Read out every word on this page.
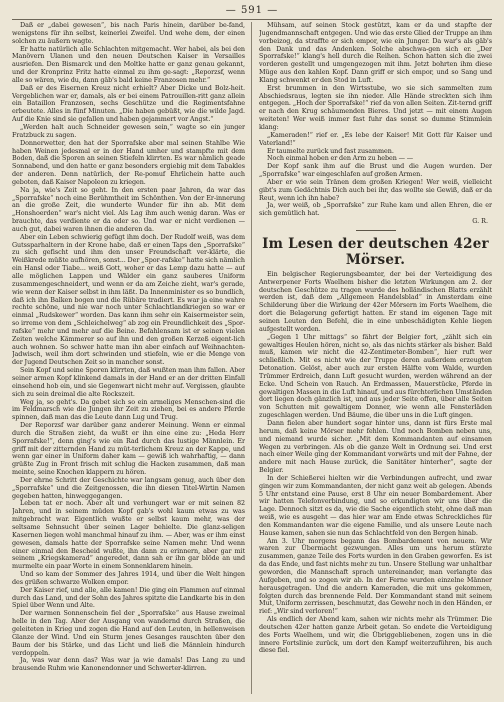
— 591 —

Daß er „dabei gewesen“, bis nach Paris hinein, darüber be-fand, wenigstens für ihn selbst, keinerlei Zweifel. Und wehe dem, der einen solchen zu äußern wagte.

Er hatte natürlich alle Schlachten mitgemacht. Wer habei, als bei den Manövern Ulanen und den neuen Deutschen Kaiser in Versailles ausriefen. Den Bismarck und den Moltke hatte er ganz genau gekannt, und der Kronprinz Fritz hatte einmal zu ihm ge-sagt: „Reporzsf, wenn alle so wären, wie du, dann gäb's bald keine Franzosen mehr.“

Daß er des Eisernen Kreuz nicht erhielt? Aber Dicke und Bolz-heit. Vergeblichen war er, damals, als er bei einem Patrouillen-ritt ganz allein ein Bataillon Franzosen, sechs Geschütze und die Regimentsfahne erbeutete. Alles in fünf Minuten. „Die haben gebüßt, wie die wilde Jagd. Auf die Knie sind sie gefallen und haben gejammert vor Angst.“

„Werden halt auch Schneider gewesen sein,“ wagte so ein junger Fratzbuck zu sagen.

Donnerwetter, den hat der Sporrafske aber mal seinen Stahlbe Wie haben Weinen jedesmal er in der Hand umher und stampfte mit dem Boden, daß die Sporen an seinen Stiefeln klirrten. Es war nämlich geade Sonnabend, und den hatte er ganz besonders ergiebig mit dem Tabakles der anderen. Denn natürlich, der Re-pomuf Ehrlichein hatte auch geboten, daß Kaiser Napoleon zu kriegen.

Na ja, wie's Zeit so geht. In den ersten paar Jahren, da war das „Sporrafske“ noch eine Berühmtheit im Schönthen. Von der Er-innerung an die große Zeit, die wunderte Wunder für ihn ab. Mit dem „Honshoerden“ war's nicht viel. Als Lag ihm auch wenig daran. Was er brauchte, das verdiente er da oder so. Und war er nicht verdienen — auch gut, dabei waren ihnen die anderen da.

Aber ein Leben schwierig gefügt ihm doch. Der Rudolf weiß, was dem Gutssparhaltern in der Krone habe, daß er einen Taps den „Sporrafske“ zu sich gefischt und ihm den unser Freundschaft ver-klärte, die Weißkrede müßte aufhören, sonst... Der „Spor-rafske“ hatte sich nämlich ein Hansl oder Tiabe... weiß Gott, woher er das Lemp dazu hatte — auf alle möglichen Lappen und Wälder ein ganz sauberes Uniform zusammengeschneidert, und wenn er da am Zeiche zieht, war's gerade, wie wenn der Kaiser selbst in ihm läßt. Da Innenminister es so bundlich, daß ich ihn Balken bogen und die Rübäre tradiert. Es war ja eine wahre rechte schöne, und nie war noch unter Schlachtlandkriegen so war er einmal „Rudskewer“ worden. Das kann ihm sehr ein Kaisermeister sein, so irreme von dem „Schleichelweg“ ab zog ein Freundlichkeit des „Spor-rafske“ mehr und mehr auf die Beine. Befahlensam ist er seinen vielen Zeiten welche Kämmerer so auf ihn und den großen Kerzeß eigent-lich auch wohnen. So schwer hatte man ihn aber einfach auf Weihnachten-Jadwisch, weil ihm dort schwinden und stiefeln, wie er die Menge von der Jugend Deutschen Zeit so in mancher sonst.

Sein Kopf und seine Sporen klirrten, daß wußten man ihm fallen. Aber seiner armen Kopf klinkend damals in der Hand er an der dritten Einfall einsehend hob ein, und sie Gegenwart nicht mehr auf. Vergissen, glaubte sich zu sein dreimal die alte Rockszeit.

Weg ja, so geht's. Da gebet sich so ein armeliges Menschen-sind die im Feldmarsch wie die Jungen ihr Zeit zu ziehen, bei es andere Pferde spinnen, daß man das die Leute dann Lug und Trug.

Der Reporzsf war darüber ganz anderer Meinung. Wenn er einmal durch die Straßen zieht, da wußt er ihn eine eine zu: „Heda Herr Sporrafske!“, denn ging's wie ein Rad durch das lustige Männlein. Er griff mit der zitternden Hand zu müt-terlichem Kreuz an der Kappe, und wenn gar einer in Uniform daher kam — gewiß ich wahrhaftig, — dann grüßte Zug in Front frisch mit schlug die Hacken zusammen, daß man meinte, seine Knochen klappern zu hören.

Der ehrne Schritt der Geschichte war langsam genug, auch über den „Sporrafske“ und die Zeitgenossen, die ihn diesen Titel-Wirtin Namen gegeben hatten, hinweggegangen.

Leben tat er noch. Aber alt und verhungert war er mit seinen 82 Jahren, und in seinem müden Kopf gab's wohl kaum etwas zu was mitgebracht war. Eigentlich wußte er selbst kaum mehr, was der seltsame Sehnsucht über seinen Lager behielte. Die glanz-seligen Kasernen liegen wohl manchmal hinauf zu ihm. — Aber, was er ihm einst gewesen, damals hatte der Sporrafske seine Namen mehr. Und wenn einer einmal den Bescheid wußte, ihn dann zu erinnern, aber gar mit seinem „Kriegskamerad“ angeredet, dann sah er ihn gar blöde an und murmelte ein paar Worte in einem Sonnenklarem hinein.

Und so kam der Sommer des Jahres 1914, und über die Welt hingen des grüßen schwarze Wolken empor.

Der Kaiser rief, und alle, alle kamen! Die ging ein Flammen auf einmal durch das Land, und der Sohn des Jahres spitzte die Landkarte bis in den Spiel über Wenn und Alte.

Der warmen Sonnenschein fiel der „Sporrafske“ aus Hause zweimal helle in den Tag. Aber der Ausgang von wandernd durch Straßen, die geleiteten in Krieg und zogen die Hand auf den Leuten, in hellenweisen Glanze der Wind. Und ein Sturm jenes Gesanges rauschten über den Baum der bis Stärke, und das Licht und ließ die Männlein hindurch verdoppeln.

Ja, was war denn das? Was war ja wie damals! Das Lang zu und brausende Ruhm wie Kanonendonner und Schwerter-klirren.

Mühsam, auf seinen Stock gestützt, kam er da und stapfte der Jugendmannschaft entgegen. Und wie das erste Glied der Truppe an ihm vorbeizog, da straffte er sich empor, wie ein Junger. Da war's als gäb's den Dank und das Andenken. Solche abschwa-gen sich er. „Der Sporrafske!“ klang's hell durch die Reihen. Schon hatten sich die zwei vorderen gestellt und umgengezogen mit ihm. Jetzt bohrten ihm diese Müge aus den kahlen Kopf. Dann griff er sich empor, und so Sang und Klang schwenkt er den Stod in Luft.

Erst brummen in den Wirtsstube, wo sie sich sammelten zum Abschiedsraus, legten sie ihn nieder. Alle Hände streckten sich ihm entgegen. „Hoch der Sporrafske!“ rief da von allen Seiten. Zit-ternd griff er nach den Krug schäumenden Bieres. Und jetzt — mit einem Augen weiteten! Wer weiß immer fast fuhr das sonst so dumme Stimmlein klang:

„Kameraden!“ rief er. „Es lebe der Kaiser! Mit Gott für Kaiser und Vaterland!“

Er taumelte zurück und fast zusammen.

Noch einmal hoben er den Arm zu heben — —

Der Kopf sank ihm auf die Brust und die Augen wurden. Der „Sporrafske“ war eingeschlafen auf großen Armen.

Aber er wie sein Tränen dem großen Kriegen! Wer weiß, vielleicht gibt's zum Gedächtnis Dich auch bei ihr, das wollte sie Gewiß, daß er da Reut, wenn ich ihn habe?

Ja, wer weiß, ob „Sporrafske“ zur Ruhe kam und allen Ehren, die er sich gemütlich hat.

G. R.

Im Lesen der deutschen 42er Mörser.

Ein belgischer Regierungsbeamter, der bei der Verteidigung des Antwerpener Forts Waelhem bisher die letzten Wirkungen am 2. der deutschen Geschütze zu tragen wurde des holländischen Blatts erzählt werden ist, daß dem „Allgemeen Handelsblad“ in Amsterdam eine Schilderung über die Wirkung der 42er Mörsern im Forts Waelhem, die dort die Belagerung gefertigt hatten. Er stand im eigenen Tage mit seinen Leuten den Befehl, die in eine unbeschädigten Kehle liegen aufgestellt worden.

„Gegen 1 Uhr mittags“ so fährt der Belgier fort, „zählt sich ein gewaltiges Heulen hören, nicht so, als das nichts stärker als bisher. Bald muß, kamen wir nicht die 42-Zentimeter-Bomben“, hier ruft wer schließlich. Mit es nicht wie der Truppe deren außerdem erzeugten Detonation. Gelöst, aber auch zur ersten Hälfte vom Walde, wurden Trümmer Erdreich, dann Luft gesucht wurden, werden während an der Ecke. Und Schein von Rauch. An Erdmassen, Mauerstücke, Pferde in gewaltigen Massen in die Luft hinauf, und aus fürchterlichen Umständen dort liegen doch gänzlich ist, und aus jeder Seite offen, über alle Seiten von Schutten mit gewaltigem Donner, wie wenn alle Fensterläden zugeschlagen werden. Und Bäume, die über uns in die Luft gingen.

Dann fielen aber hundert sogar hinter uns, dann ist fürs Erste mal herum, daß keine Mörser mehr fehlen. Und noch Bomben neben uns, und niemand wurde sicher. „Mit dem Kommandanten auf einsamen Wegen zu verbringen. Als ob die ganze Welt in Ordnung sei. Und erst nach einer Weile ging der Kommandant vorwärts und mit der Fahne, der andere mit nach Hause zurück, die Sanitäter hinterher“, sagte der Belgier.

In der Schießerei hielten wir die Verbindungen aufrecht, und zwar gingen wir zum Kommandanten, der nicht ganz weit ab gelegen. Abends 5 Uhr entstand eine Pause, erst 8 Uhr ein neuer Bombardement. Aber wir hatten Telefonverbindung, und so erkundigten wir uns über die Lage. Dennoch sitzt es da, wie die Sache eigentlich steht, ohne daß man weiß, wie es ausgeht — das hier war am Ende etwas Schreckliches für den Kommandanten war die eigene Familie, und als unsere Leute nach Hause kamen, sahen sie nun das Schlachtfeld von den Bergen hinab.

Am 3. Uhr morgens begann das Bombardement von neuem. Wir waren zur Übermacht gezwungen. Alles um uns herum stürzte zusammen, ganze Teile des Forts wurden in den Graben geworfen. Es ist da das Ende, und fast nichts mehr zu tun. Unsere Stellung war unhaltbar geworden, die Mannschaft sprach untereinander, man verlangte das Aufgeben, und so zogen wir ab. In der Ferne wurden einzelne Männer herausgetragen. Und die andern Kameraden, die mit uns gekommen, folgten durch das brennende Feld. Der Kommandant stand mit seinem Mut, Uniform zerrissen, beschmutzt, das Gewehr noch in den Händen, er rief: „Wir sind verloren!“

Als endlich der Abend kam, sahen wir nichts mehr als Trümmer. Die deutschen 42er hatten ganze Arbeit getan. So endete die Verteidigung des Forts Waelhem, und wir, die Übriggebliebenen, zogen uns in die innere Fortslinie zurück, um dort den Kampf weiterzuführen, bis auch diese fiel.
